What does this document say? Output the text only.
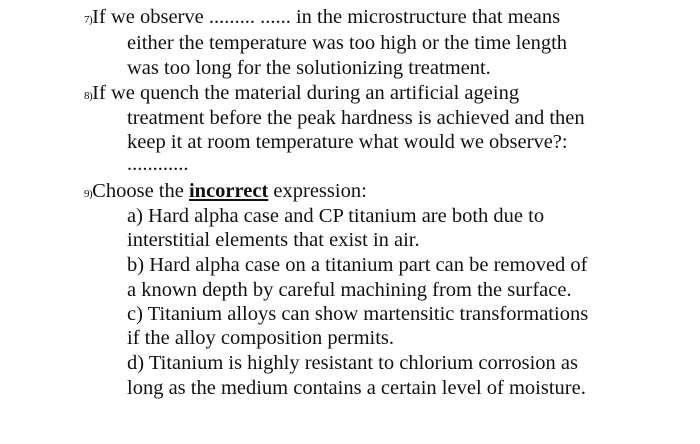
7)If we observe ......... ...... in the microstructure that means
either the temperature was too high or the time length
was too long for the solutionizing treatment.
8)If we quench the material during an artificial ageing
treatment before the peak hardness is achieved and then
keep it at room temperature what would we observe?:
............
9)Choose the incorrect expression:
a) Hard alpha case and CP titanium are both due to
interstitial elements that exist in air.
b) Hard alpha case on a titanium part can be removed of
a known depth by careful machining from the surface.
c) Titanium alloys can show martensitic transformations
if the alloy composition permits.
d) Titanium is highly resistant to chlorium corrosion as
long as the medium contains a certain level of moisture.
